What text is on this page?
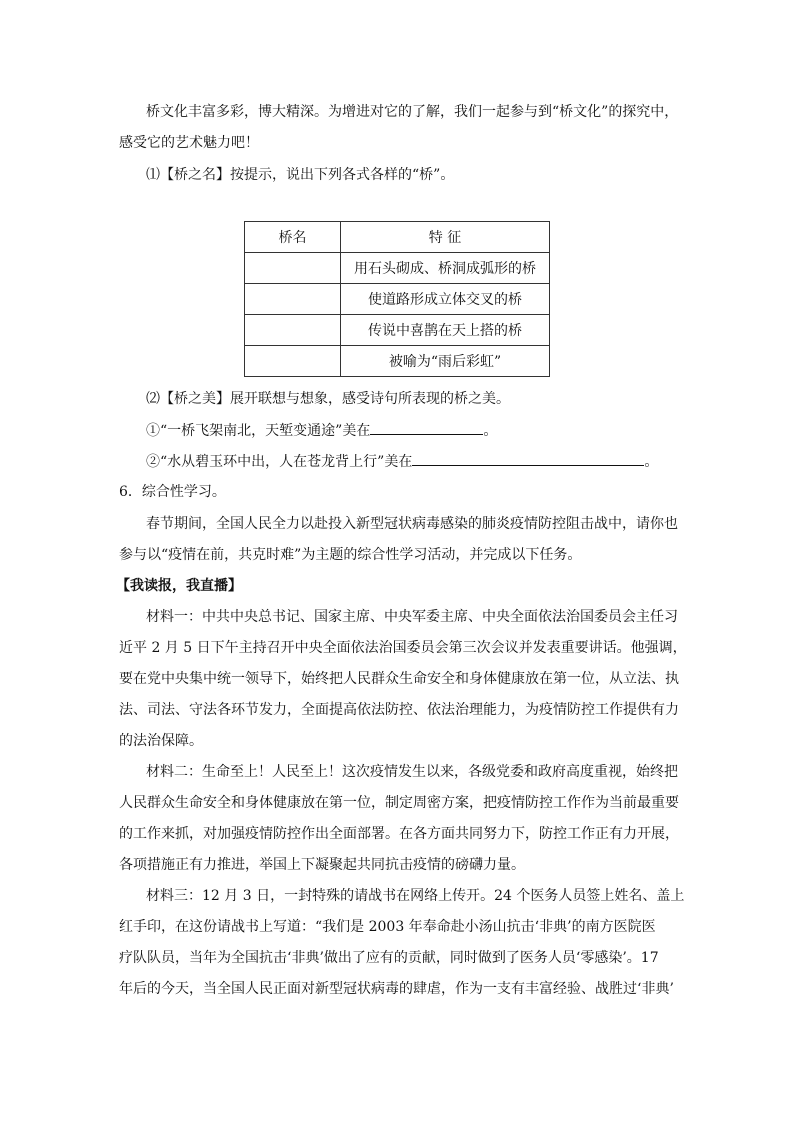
桥文化丰富多彩，博大精深。为增进对它的了解，我们一起参与到“桥文化”的探究中，
感受它的艺术魅力吧！
⑴【桥之名】按提示，说出下列各式各样的“桥”。
桥名	特 征
	用石头砌成、桥洞成弧形的桥
	使道路形成立体交叉的桥
	传说中喜鹊在天上搭的桥
	被喻为“雨后彩虹”
⑵【桥之美】展开联想与想象，感受诗句所表现的桥之美。
①“一桥飞架南北，天堑变通途”美在	。
②“水从碧玉环中出，人在苍龙背上行”美在	。
6．综合性学习。
春节期间，全国人民全力以赴投入新型冠状病毒感染的肺炎疫情防控阻击战中，请你也
参与以“疫情在前，共克时难”为主题的综合性学习活动，并完成以下任务。
【我读报，我直播】
材料一：中共中央总书记、国家主席、中央军委主席、中央全面依法治国委员会主任习
近平 2 月 5 日下午主持召开中央全面依法治国委员会第三次会议并发表重要讲话。他强调，
要在党中央集中统一领导下，始终把人民群众生命安全和身体健康放在第一位，从立法、执
法、司法、守法各环节发力，全面提高依法防控、依法治理能力，为疫情防控工作提供有力
的法治保障。
材料二：生命至上！人民至上！这次疫情发生以来，各级党委和政府高度重视，始终把
人民群众生命安全和身体健康放在第一位，制定周密方案，把疫情防控工作作为当前最重要
的工作来抓，对加强疫情防控作出全面部署。在各方面共同努力下，防控工作正有力开展，
各项措施正有力推进，举国上下凝聚起共同抗击疫情的磅礴力量。
材料三：12 月 3 日，一封特殊的请战书在网络上传开。24 个医务人员签上姓名、盖上
红手印，在这份请战书上写道：“我们是 2003 年奉命赴小汤山抗击‘非典’的南方医院医
疗队队员，当年为全国抗击‘非典’做出了应有的贡献，同时做到了医务人员‘零感染’。17
年后的今天，当全国人民正面对新型冠状病毒的肆虐，作为一支有丰富经验、战胜过‘非典’
